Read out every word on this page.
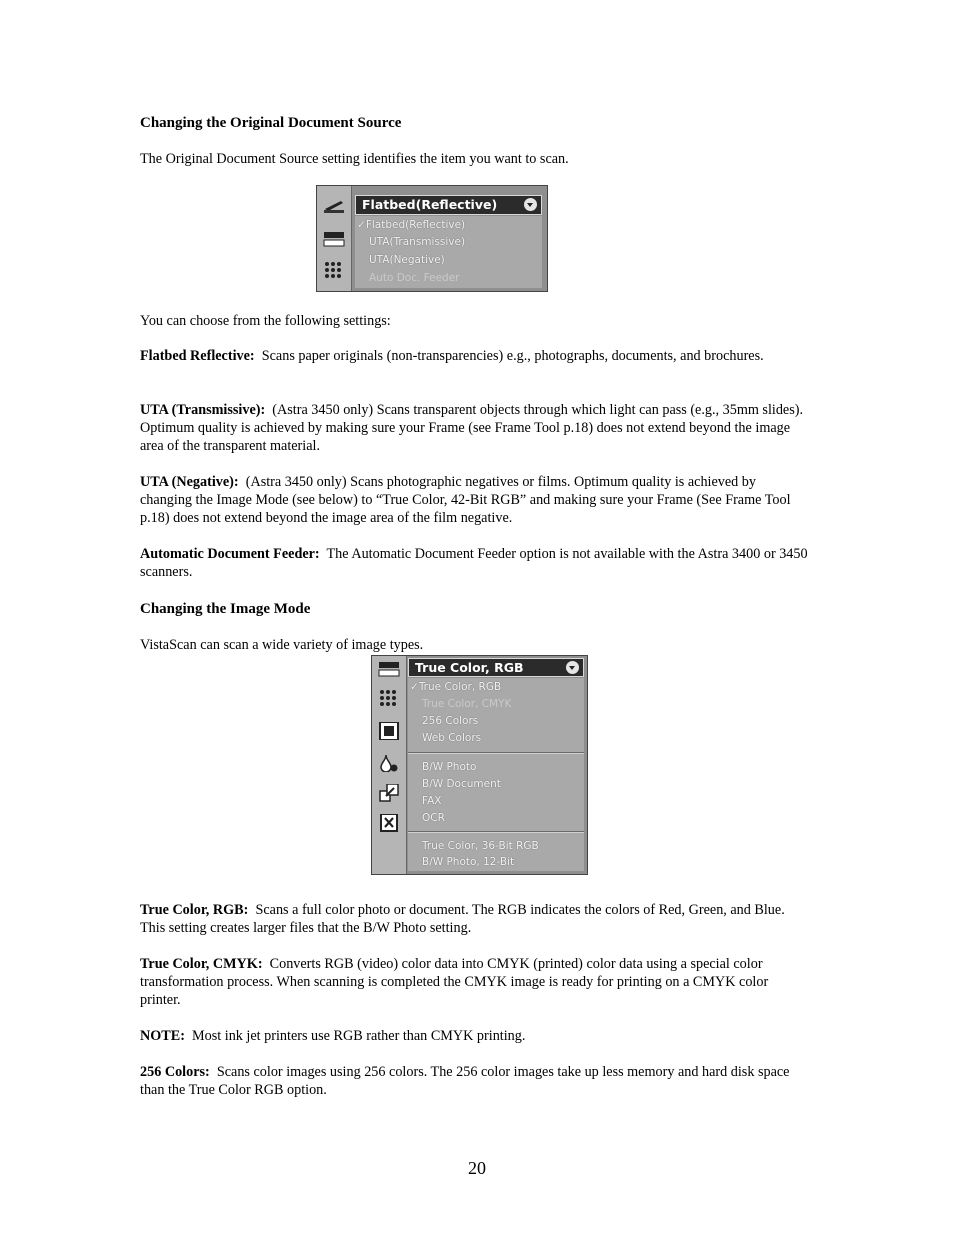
Changing the Original Document Source
The Original Document Source setting identifies the item you want to scan.
Flatbed(Reflective)
✓Flatbed(Reflective)
UTA(Transmissive)
UTA(Negative)
Auto Doc. Feeder
You can choose from the following settings:
Flatbed Reflective: Scans paper originals (non-transparencies) e.g., photographs, documents, and brochures.
UTA (Transmissive): (Astra 3450 only) Scans transparent objects through which light can pass (e.g., 35mm slides). Optimum quality is achieved by making sure your Frame (see Frame Tool p.18) does not extend beyond the image area of the transparent material.
UTA (Negative): (Astra 3450 only) Scans photographic negatives or films. Optimum quality is achieved by changing the Image Mode (see below) to “True Color, 42-Bit RGB” and making sure your Frame (See Frame Tool p.18) does not extend beyond the image area of the film negative.
Automatic Document Feeder: The Automatic Document Feeder option is not available with the Astra 3400 or 3450 scanners.
Changing the Image Mode
VistaScan can scan a wide variety of image types.
True Color, RGB
✓True Color, RGB
True Color, CMYK
256 Colors
Web Colors
B/W Photo
B/W Document
FAX
OCR
True Color, 36-Bit RGB
B/W Photo, 12-Bit
True Color, RGB: Scans a full color photo or document. The RGB indicates the colors of Red, Green, and Blue. This setting creates larger files that the B/W Photo setting.
True Color, CMYK: Converts RGB (video) color data into CMYK (printed) color data using a special color transformation process. When scanning is completed the CMYK image is ready for printing on a CMYK color printer.
NOTE: Most ink jet printers use RGB rather than CMYK printing.
256 Colors: Scans color images using 256 colors. The 256 color images take up less memory and hard disk space than the True Color RGB option.
20
